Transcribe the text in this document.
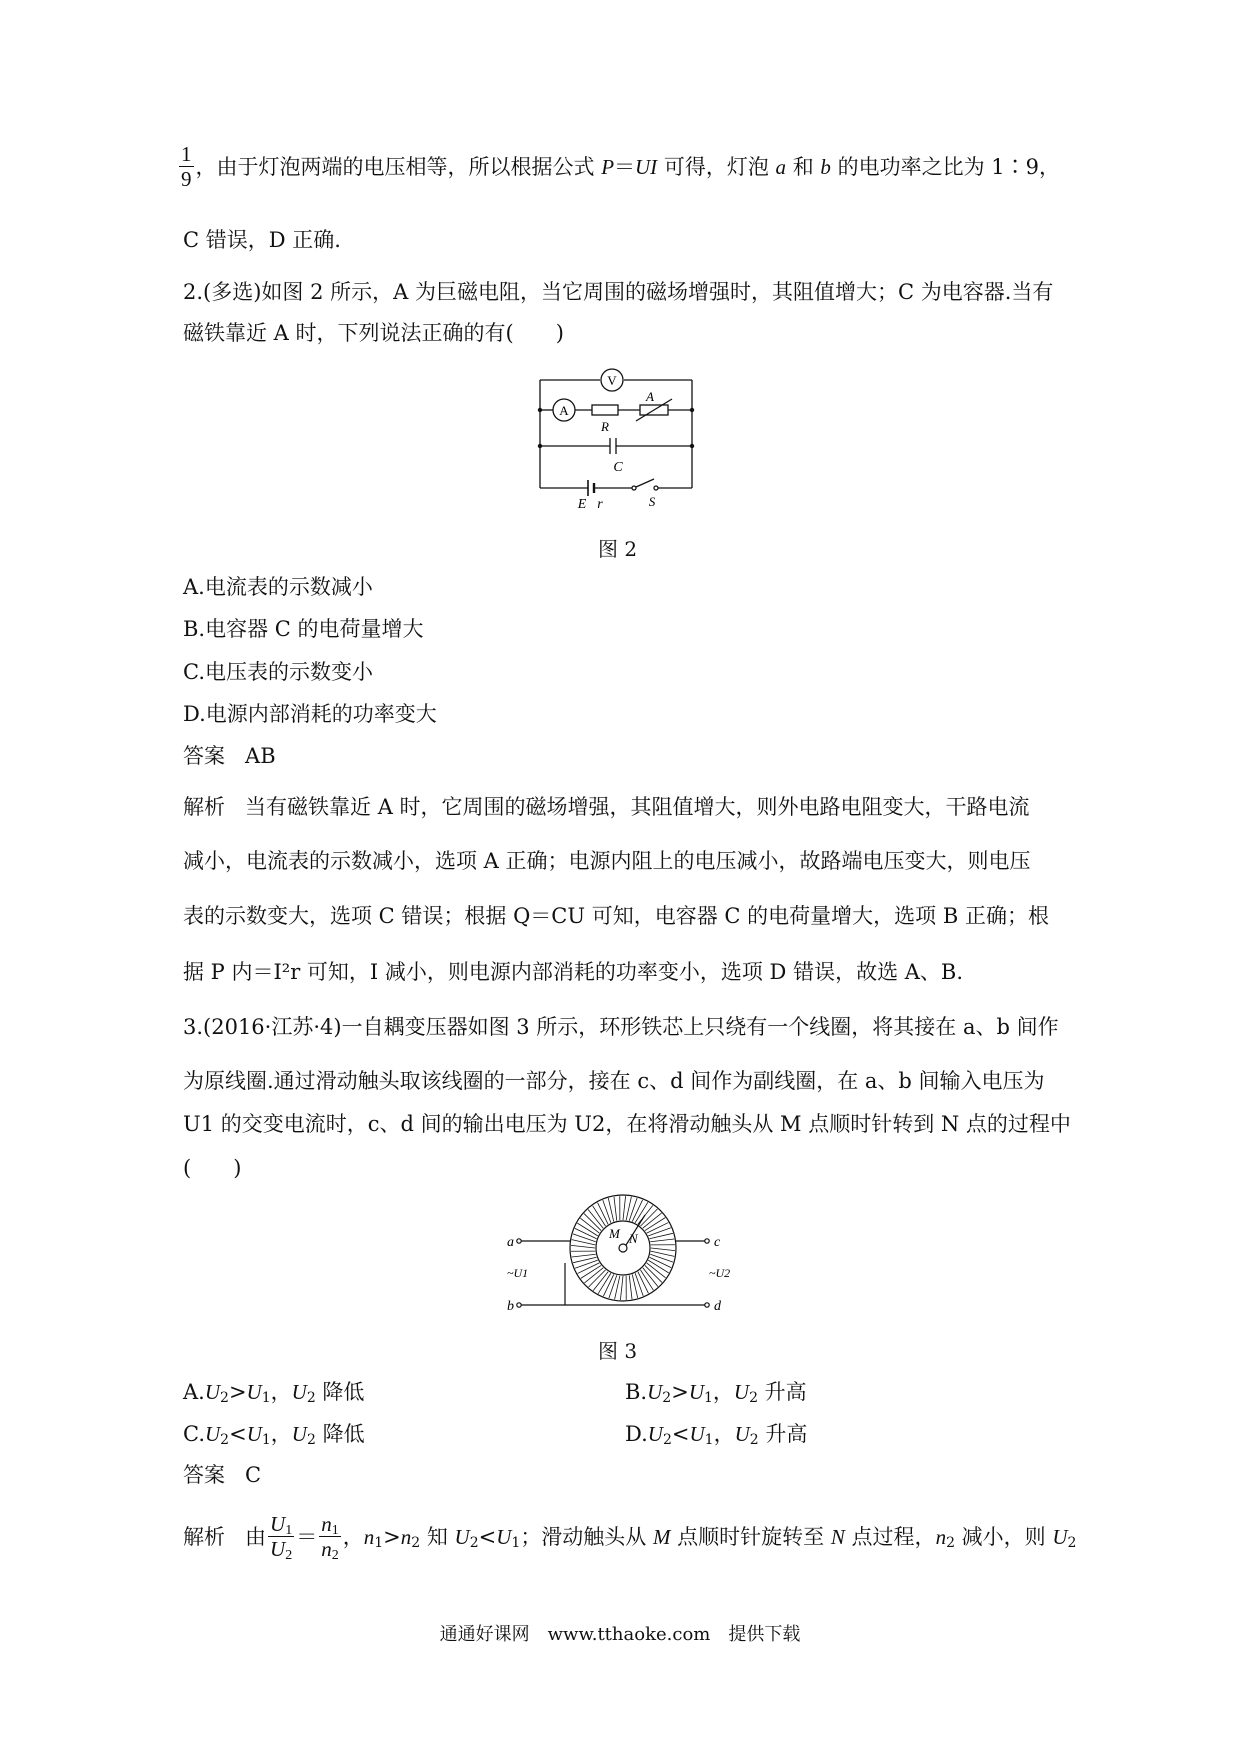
$\frac{1}{9}$ ，由于灯泡两端的电压相等，所以根据公式 P＝UI 可得，灯泡 a 和 b 的电功率之比为 1∶9，
C 错误，D 正确.
2.(多选)如图 2 所示，A 为巨磁电阻，当它周围的磁场增强时，其阻值增大；C 为电容器.当有
磁铁靠近 A 时，下列说法正确的有(　　)
V
A
R
A
C
E r	S
图 2
A.电流表的示数减小
B.电容器 C 的电荷量增大
C.电压表的示数变小
D.电源内部消耗的功率变大
答案 AB
解析 当有磁铁靠近 A 时，它周围的磁场增强，其阻值增大，则外电路电阻变大，干路电流
减小，电流表的示数减小，选项 A 正确；电源内阻上的电压减小，故路端电压变大，则电压
表的示数变大，选项 C 错误；根据 Q＝CU 可知，电容器 C 的电荷量增大，选项 B 正确；根
据 P 内＝I²r 可知，I 减小，则电源内部消耗的功率变小，选项 D 错误，故选 A、B.
3.(2016·江苏·4)一自耦变压器如图 3 所示，环形铁芯上只绕有一个线圈，将其接在 a、b 间作
为原线圈.通过滑动触头取该线圈的一部分，接在 c、d 间作为副线圈，在 a、b 间输入电压为
U1 的交变电流时，c、d 间的输出电压为 U2，在将滑动触头从 M 点顺时针转到 N 点的过程中
(　　)
a
b
c
d
M N
~U1	~U2
图 3
$A.U_2>U_1$，$U_2$ 降低	$B.U_2>U_1$，$U_2$ 升高
$C.U_2<U_1$，$U_2$ 降低	$D.U_2<U_1$，$U_2$ 升高
答案 C
解析   由 $\frac{U_1}{U_2} = \frac{n_1}{n_2}$ ，$n_1>n_2$ 知 $U_2<U_1$；滑动触头从 M 点顺时针旋转至 N 点过程，$n_2$ 减小，则 $U_2$
通通好课网　www.tthaoke.com　提供下载
